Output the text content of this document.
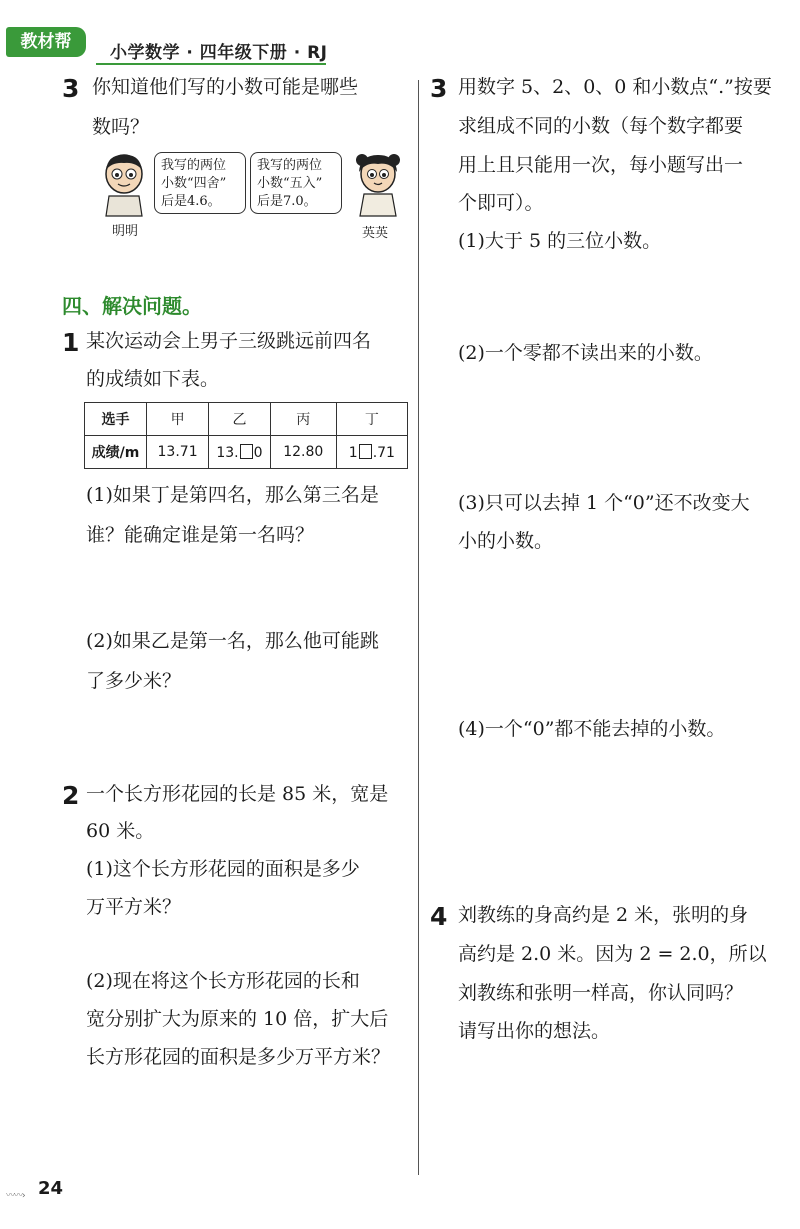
教材帮
小学数学 · 四年级下册 · RJ
3 你知道他们写的小数可能是哪些
数吗？
明明
我写的两位
小数“四舍”
后是4.6。
我写的两位
小数“五入”
后是7.0。
英英
四、解决问题。
1 某次运动会上男子三级跳远前四名
的成绩如下表。
选手	甲	乙	丙	丁
成绩/m	13.71	13. 0	12.80	1 .71
(1)如果丁是第四名，那么第三名是
谁？能确定谁是第一名吗？
(2)如果乙是第一名，那么他可能跳
了多少米？
2 一个长方形花园的长是 85 米，宽是
60 米。
(1)这个长方形花园的面积是多少
万平方米？
(2)现在将这个长方形花园的长和
宽分别扩大为原来的 10 倍，扩大后
长方形花园的面积是多少万平方米？
3 用数字 5、2、0、0 和小数点“.”按要
求组成不同的小数（每个数字都要
用上且只能用一次，每小题写出一
个即可）。
(1)大于 5 的三位小数。
(2)一个零都不读出来的小数。
(3)只可以去掉 1 个“0”还不改变大
小的小数。
(4)一个“0”都不能去掉的小数。
4 刘教练的身高约是 2 米，张明的身
高约是 2.0 米。因为 2 = 2.0，所以
刘教练和张明一样高，你认同吗？
请写出你的想法。
〰〰› 24
